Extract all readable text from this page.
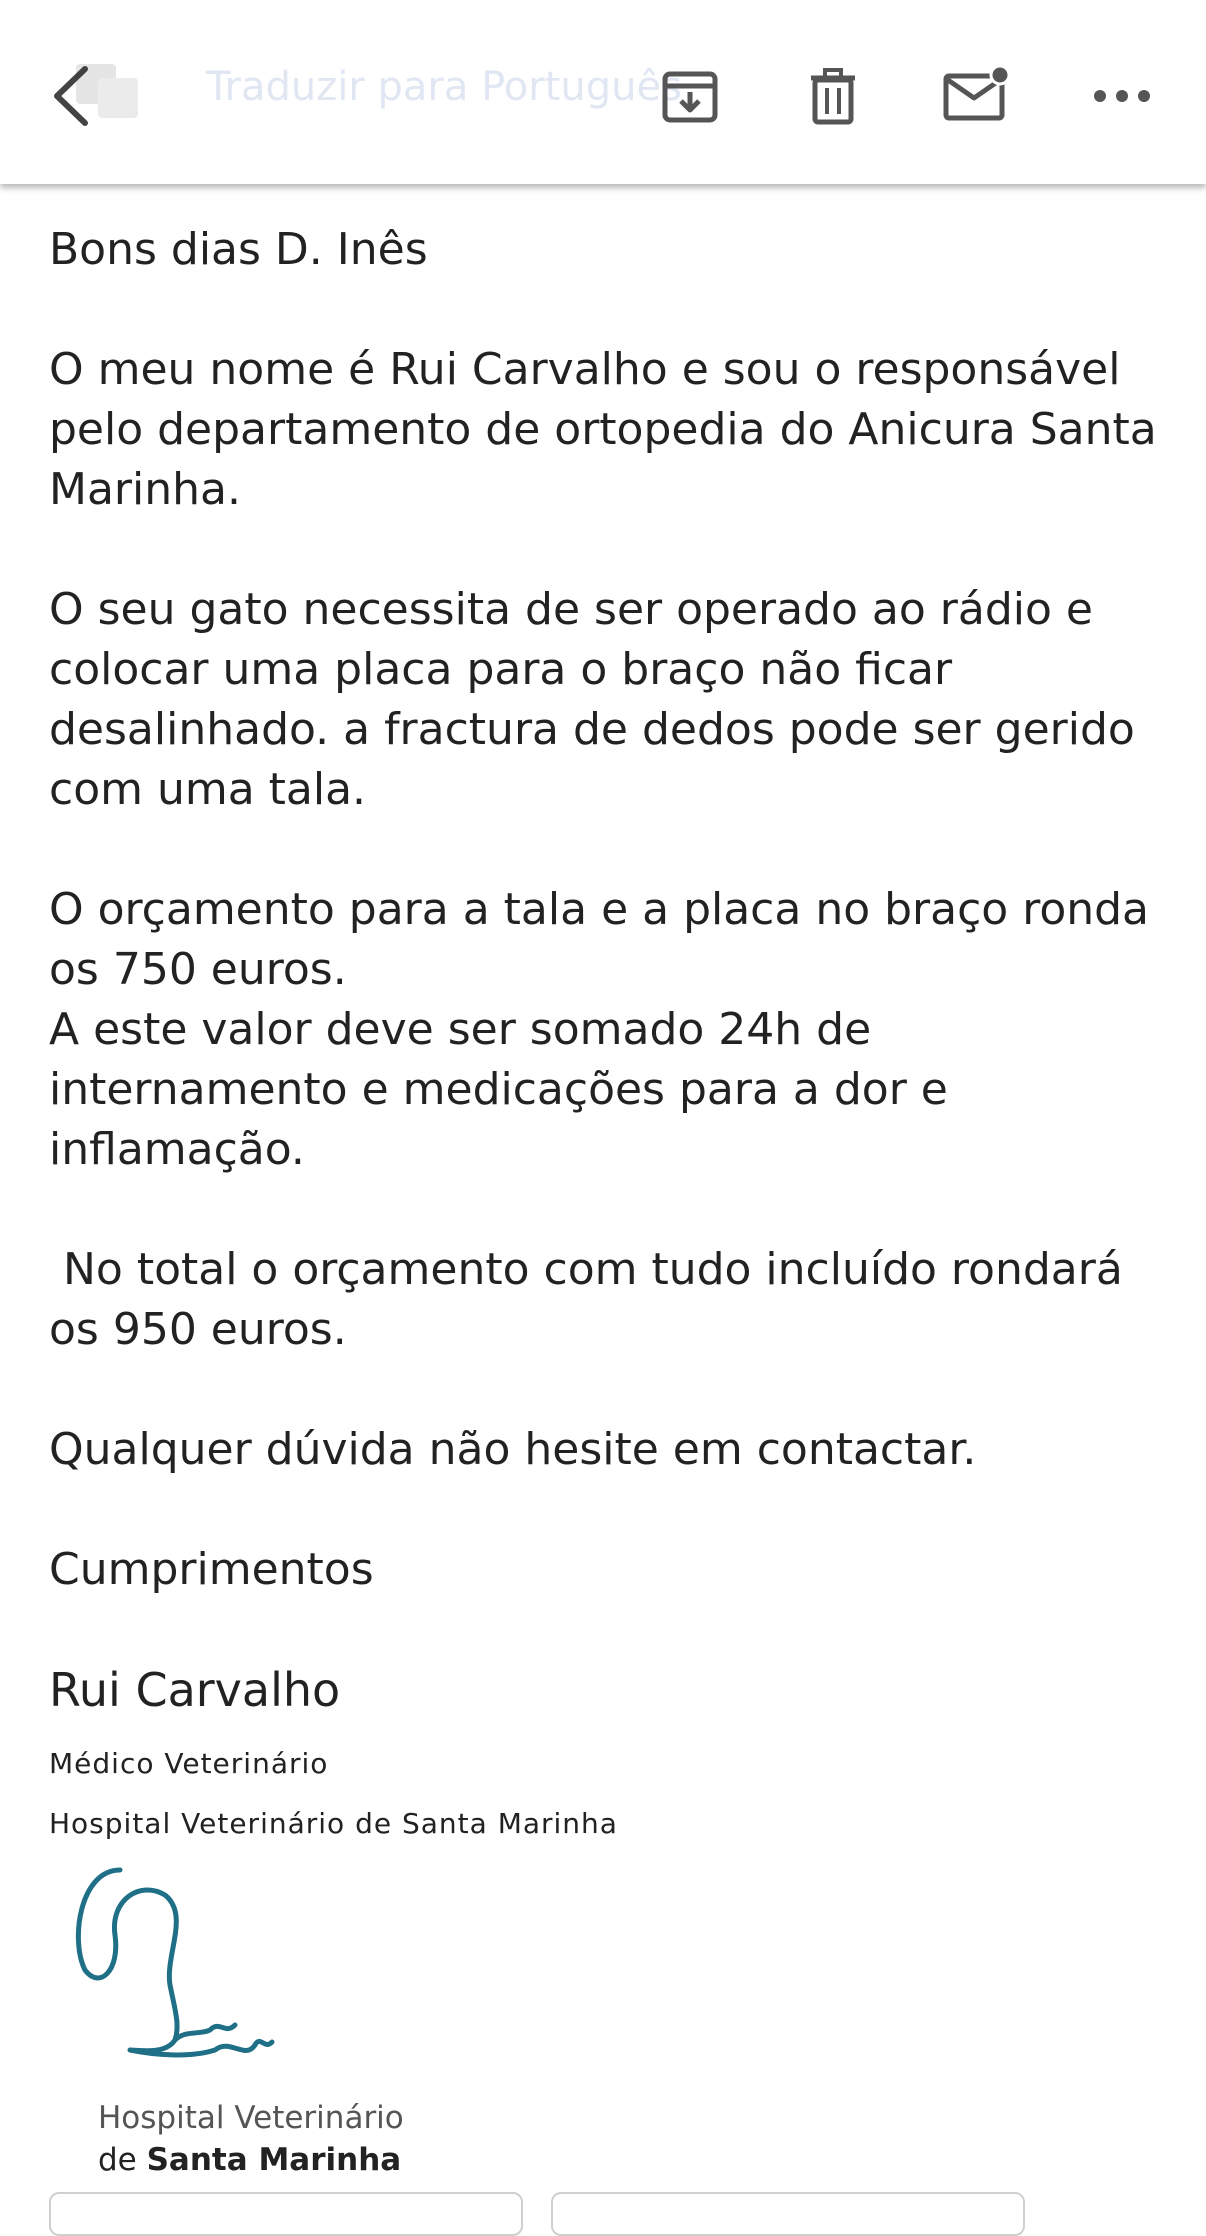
Traduzir para Português

Bons dias D. Inês

O meu nome é Rui Carvalho e sou o responsável pelo departamento de ortopedia do Anicura Santa Marinha.

O seu gato necessita de ser operado ao rádio e colocar uma placa para o braço não ficar desalinhado. a fractura de dedos pode ser gerido com uma tala.

O orçamento para a tala e a placa no braço ronda os 750 euros.

A este valor deve ser somado 24h de internamento e medicações para a dor e inflamação.

No total o orçamento com tudo incluído rondará os 950 euros.

Qualquer dúvida não hesite em contactar.

Cumprimentos

Rui Carvalho
Médico Veterinário
Hospital Veterinário de Santa Marinha
Hospital Veterinário
de Santa Marinha
